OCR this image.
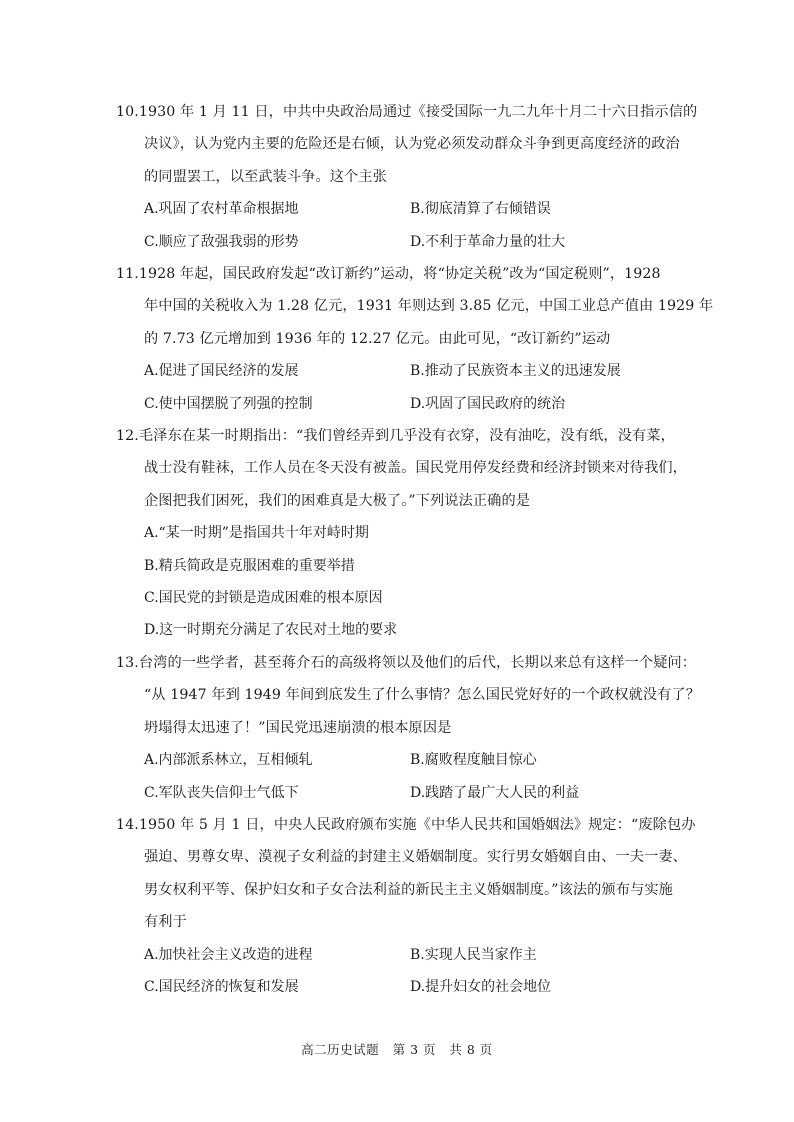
10.1930 年 1 月 11 日，中共中央政治局通过《接受国际一九二九年十月二十六日指示信的
决议》，认为党内主要的危险还是右倾，认为党必须发动群众斗争到更高度经济的政治
的同盟罢工，以至武装斗争。这个主张
A.巩固了农村革命根据地	B.彻底清算了右倾错误
C.顺应了敌强我弱的形势	D.不利于革命力量的壮大
11.1928 年起，国民政府发起“改订新约”运动，将“协定关税”改为“国定税则”，1928
年中国的关税收入为 1.28 亿元，1931 年则达到 3.85 亿元，中国工业总产值由 1929 年
的 7.73 亿元增加到 1936 年的 12.27 亿元。由此可见，“改订新约”运动
A.促进了国民经济的发展	B.推动了民族资本主义的迅速发展
C.使中国摆脱了列强的控制	D.巩固了国民政府的统治
12.毛泽东在某一时期指出：“我们曾经弄到几乎没有衣穿，没有油吃，没有纸，没有菜，
战士没有鞋袜，工作人员在冬天没有被盖。国民党用停发经费和经济封锁来对待我们，
企图把我们困死，我们的困难真是大极了。”下列说法正确的是
A.“某一时期”是指国共十年对峙时期
B.精兵简政是克服困难的重要举措
C.国民党的封锁是造成困难的根本原因
D.这一时期充分满足了农民对土地的要求
13.台湾的一些学者，甚至蒋介石的高级将领以及他们的后代，长期以来总有这样一个疑问：
“从 1947 年到 1949 年间到底发生了什么事情？怎么国民党好好的一个政权就没有了？
坍塌得太迅速了！”国民党迅速崩溃的根本原因是
A.内部派系林立，互相倾轧	B.腐败程度触目惊心
C.军队丧失信仰士气低下	D.践踏了最广大人民的利益
14.1950 年 5 月 1 日，中央人民政府颁布实施《中华人民共和国婚姻法》规定：“废除包办
强迫、男尊女卑、漠视子女利益的封建主义婚姻制度。实行男女婚姻自由、一夫一妻、
男女权利平等、保护妇女和子女合法利益的新民主主义婚姻制度。”该法的颁布与实施
有利于
A.加快社会主义改造的进程	B.实现人民当家作主
C.国民经济的恢复和发展	D.提升妇女的社会地位
高二历史试题   第 3 页   共 8 页
